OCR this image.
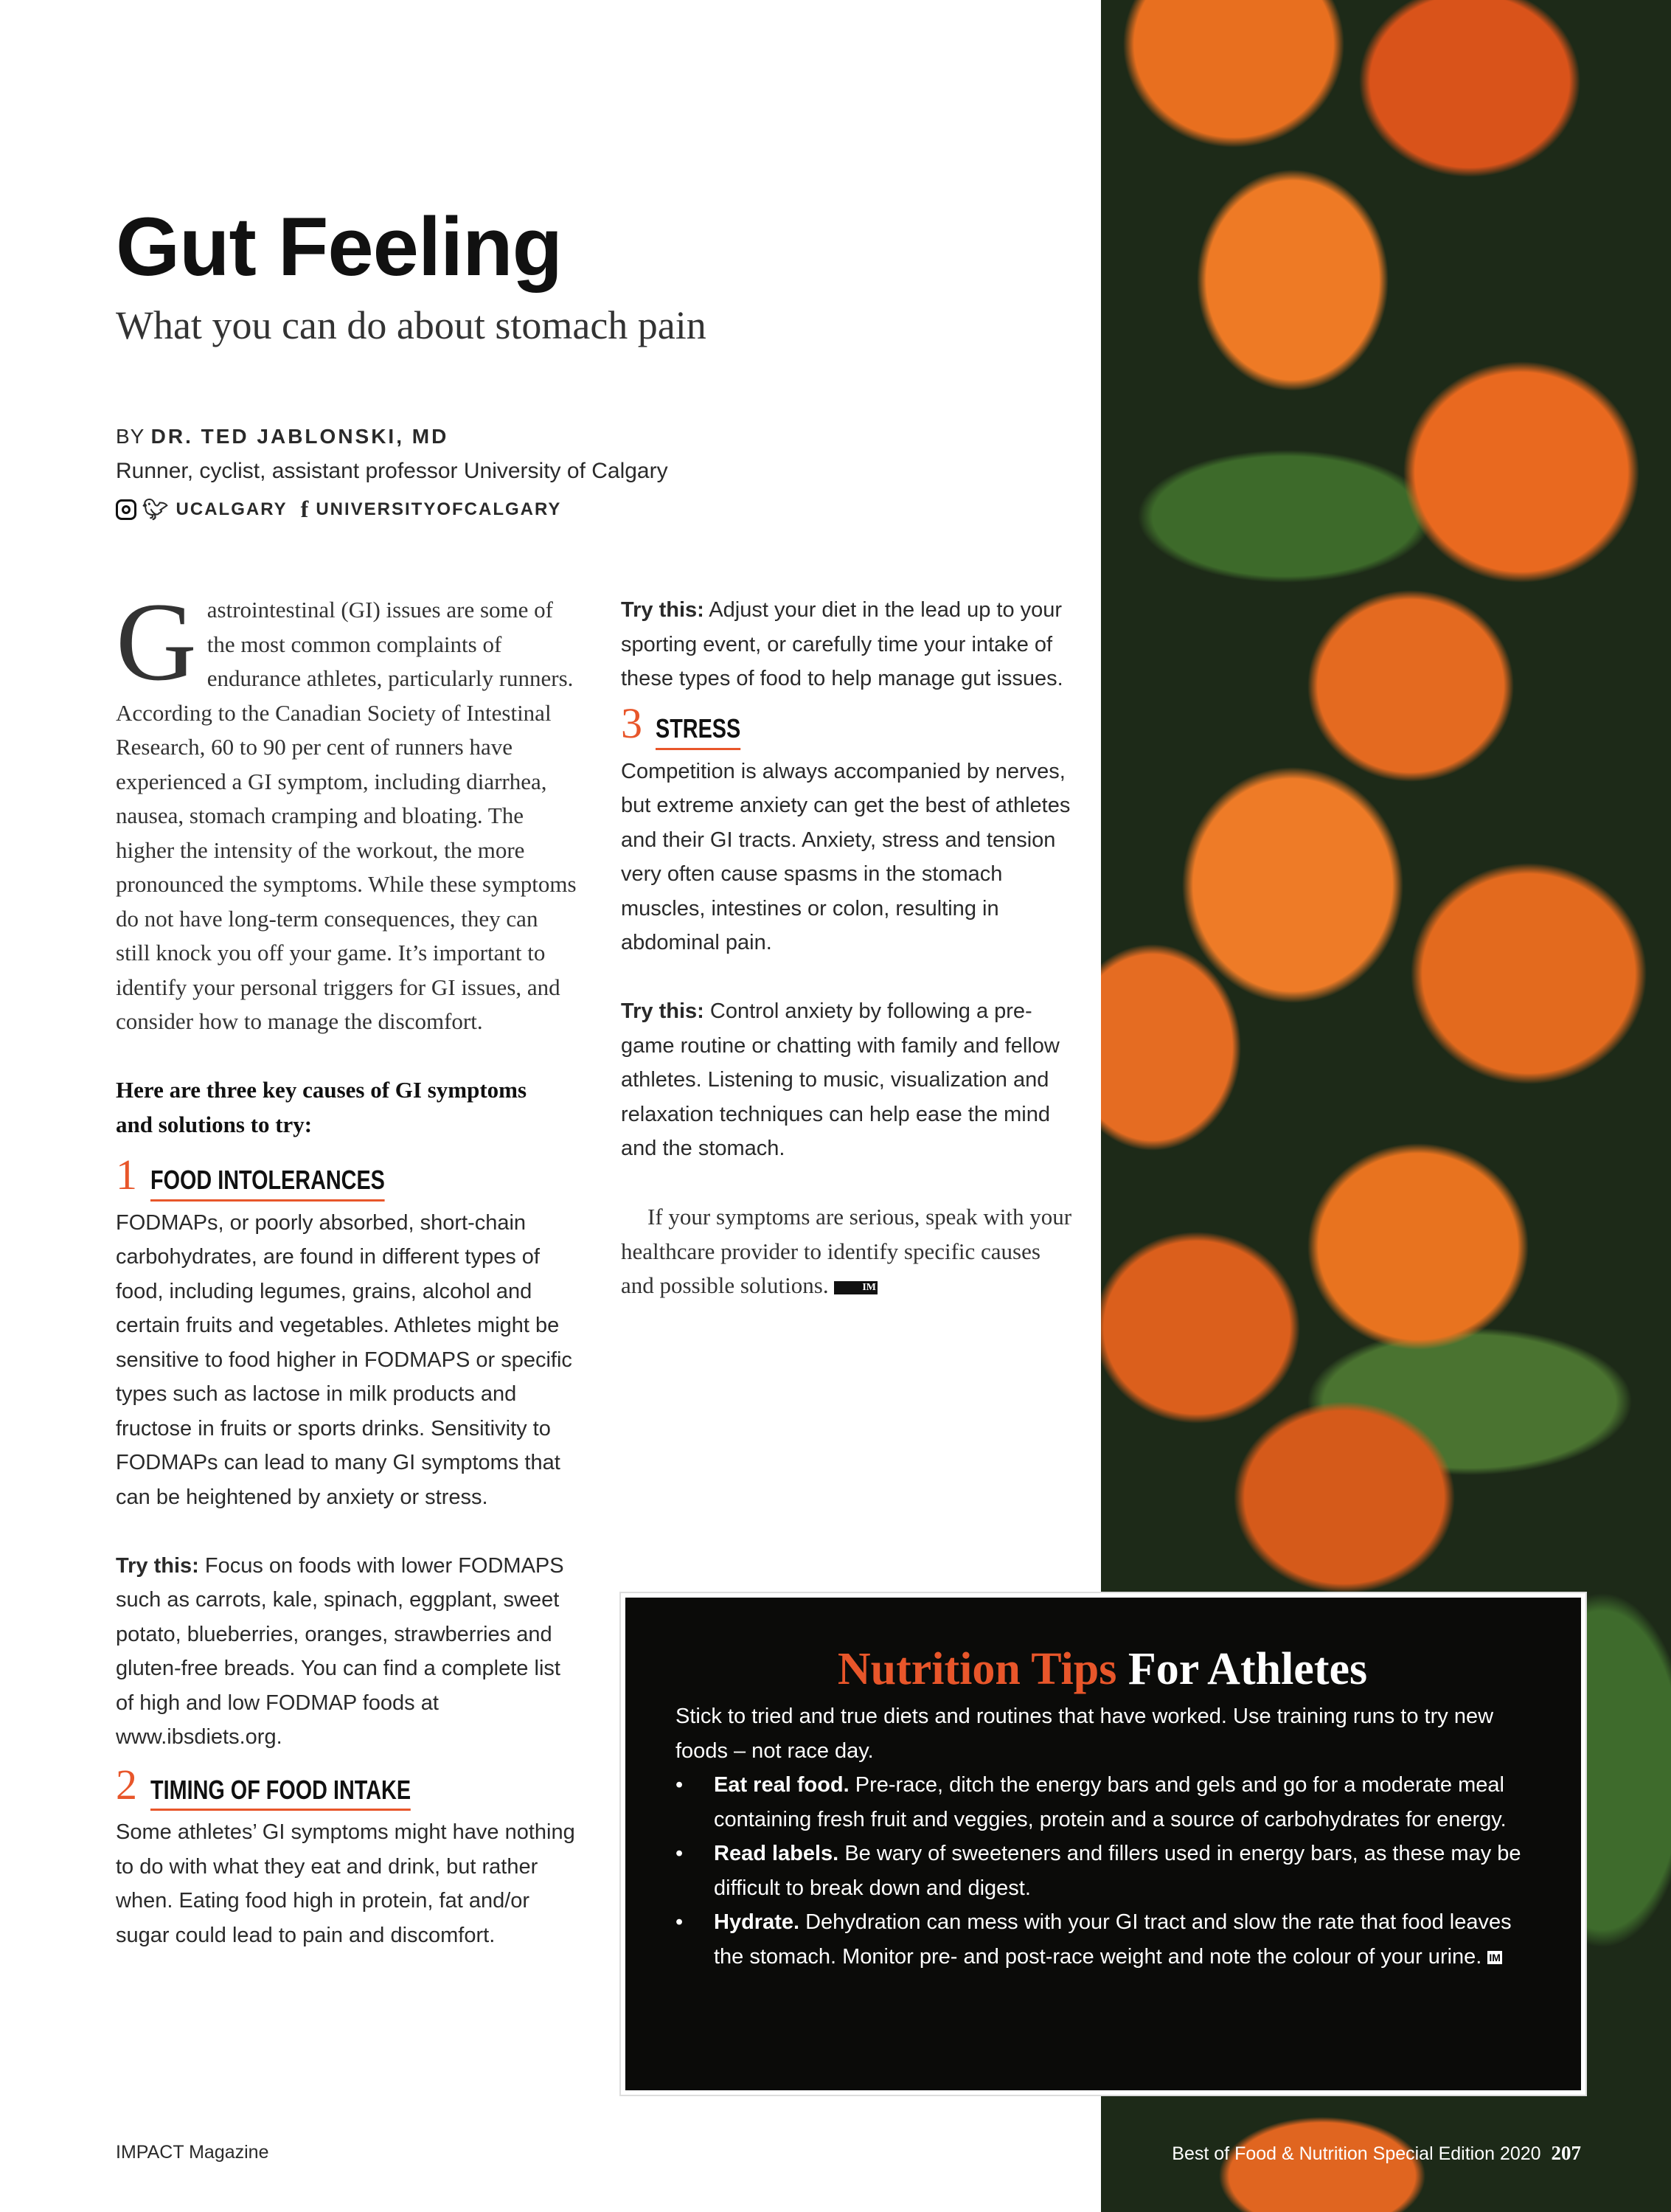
Gut Feeling
What you can do about stomach pain
BY DR. TED JABLONSKI, MD
Runner, cyclist, assistant professor University of Calgary
🐦︎ UCALGARY f UNIVERSITYOFCALGARY

Gastrointestinal (GI) issues are some of the most common complaints of endurance athletes, particularly runners. According to the Canadian Society of Intestinal Research, 60 to 90 per cent of runners have experienced a GI symptom, including diarrhea, nausea, stomach cramping and bloating. The higher the intensity of the workout, the more pronounced the symptoms. While these symptoms do not have long-term consequences, they can still knock you off your game. It’s important to identify your personal triggers for GI issues, and consider how to manage the discomfort.

Here are three key causes of GI symptoms and solutions to try:

1 FOOD INTOLERANCES

FODMAPs, or poorly absorbed, short-chain carbohydrates, are found in different types of food, including legumes, grains, alcohol and certain fruits and vegetables. Athletes might be sensitive to food higher in FODMAPS or specific types such as lactose in milk products and fructose in fruits or sports drinks. Sensitivity to FODMAPs can lead to many GI symptoms that can be heightened by anxiety or stress.

Try this: Focus on foods with lower FODMAPS such as carrots, kale, spinach, eggplant, sweet potato, blueberries, oranges, strawberries and gluten-free breads. You can find a complete list of high and low FODMAP foods at www.ibsdiets.org.

2 TIMING OF FOOD INTAKE

Some athletes’ GI symptoms might have nothing to do with what they eat and drink, but rather when. Eating food high in protein, fat and/or sugar could lead to pain and discomfort.

Try this: Adjust your diet in the lead up to your sporting event, or carefully time your intake of these types of food to help manage gut issues.

3 STRESS

Competition is always accompanied by nerves, but extreme anxiety can get the best of athletes and their GI tracts. Anxiety, stress and tension very often cause spasms in the stomach muscles, intestines or colon, resulting in abdominal pain.

Try this: Control anxiety by following a pre-game routine or chatting with family and fellow athletes. Listening to music, visualization and relaxation techniques can help ease the mind and the stomach.

If your symptoms are serious, speak with your healthcare provider to identify specific causes and possible solutions.	IM

Nutrition Tips For Athletes
Stick to tried and true diets and routines that have worked. Use training runs to try new foods – not race day.
• Eat real food. Pre-race, ditch the energy bars and gels and go for a moderate meal containing fresh fruit and veggies, protein and a source of carbohydrates for energy.
• Read labels. Be wary of sweeteners and fillers used in energy bars, as these may be difficult to break down and digest.
• Hydrate. Dehydration can mess with your GI tract and slow the rate that food leaves the stomach. Monitor pre- and post-race weight and note the colour of your urine. IM
IMPACT Magazine	Best of Food & Nutrition Special Edition 2020 207
